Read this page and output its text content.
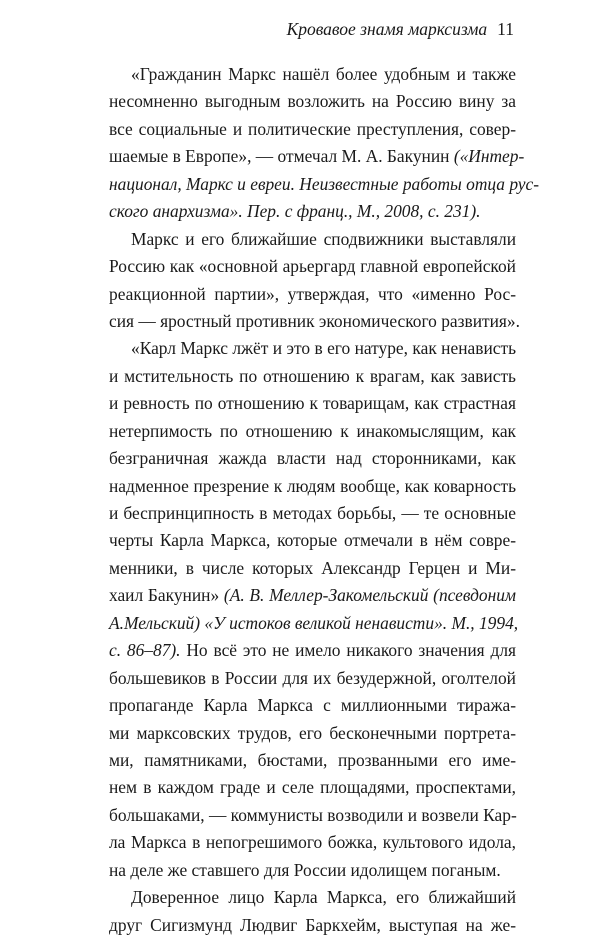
Кровавое знамя марксизма 11
«Гражданин Маркс нашёл более удобным и также
несомненно выгодным возложить на Россию вину за
все социальные и политические преступления, совер-
шаемые в Европе», — отмечал М. А. Бакунин («Интер-
национал, Маркс и евреи. Неизвестные работы отца рус-
ского анархизма». Пер. с франц., М., 2008, с. 231).
Маркс и его ближайшие сподвижники выставляли
Россию как «основной арьергард главной европейской
реакционной партии», утверждая, что «именно Рос-
сия — яростный противник экономического развития».
«Карл Маркс лжёт и это в его натуре, как ненависть
и мстительность по отношению к врагам, как зависть
и ревность по отношению к товарищам, как страстная
нетерпимость по отношению к инакомыслящим, как
безграничная жажда власти над сторонниками, как
надменное презрение к людям вообще, как коварность
и беспринципность в методах борьбы, — те основные
черты Карла Маркса, которые отмечали в нём совре-
менники, в числе которых Александр Герцен и Ми-
хаил Бакунин» (А. В. Меллер-Закомельский (псевдоним
А.Мельский) «У истоков великой ненависти». М., 1994,
с. 86–87). Но всё это не имело никакого значения для
большевиков в России для их безудержной, оголтелой
пропаганде Карла Маркса с миллионными тиража-
ми марксовских трудов, его бесконечными портрета-
ми, памятниками, бюстами, прозванными его имe-
нем в каждом граде и селе площадями, проспектами,
большаками, — коммунисты возводили и возвели Кар-
ла Маркса в непогрешимого божка, культового идола,
на деле же ставшего для России идолищем поганым.
Доверенное лицо Карла Маркса, его ближайший
друг Сигизмунд Людвиг Баркхейм, выступая на же-
